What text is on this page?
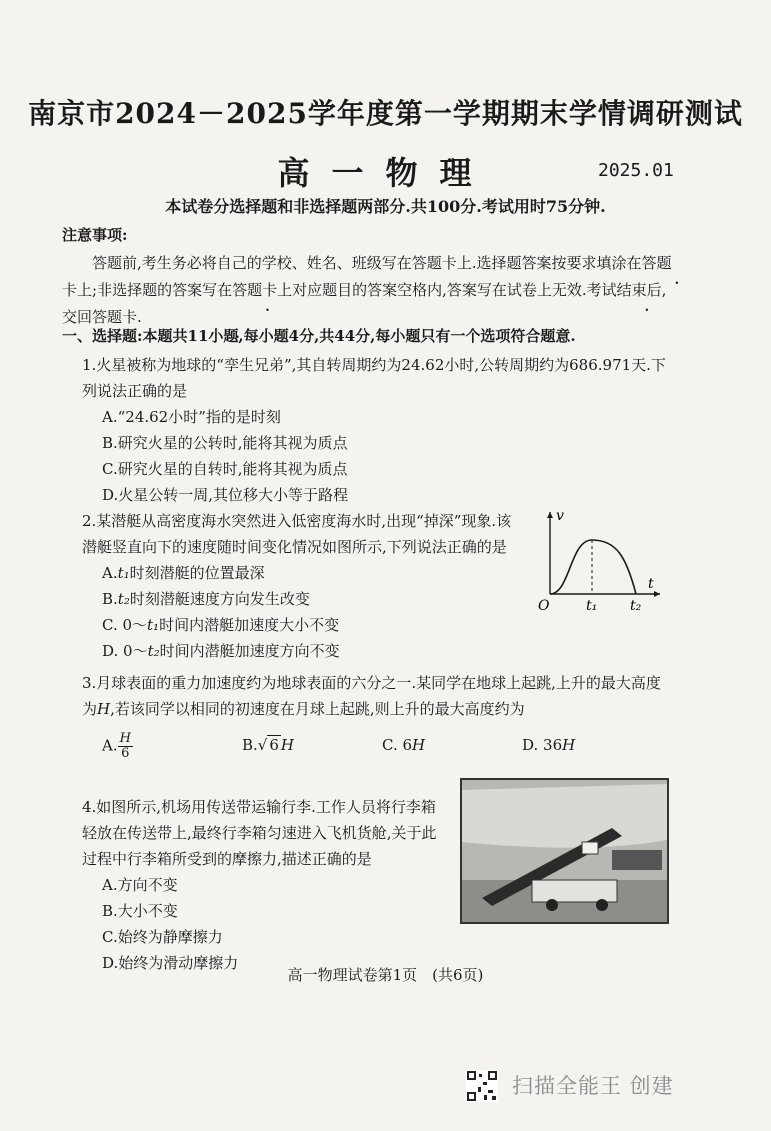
南京市2024－2025学年度第一学期期末学情调研测试
高一物理	2025.01
本试卷分选择题和非选择题两部分.共100分.考试用时75分钟.
注意事项:
答题前,考生务必将自己的学校、姓名、班级写在答题卡上.选择题答案按要求填涂在答题卡 • •上;非选择题的答案写在答题卡 • •上对应题目的答案空格内,答案写在试卷上无效.考试结束后,交回答题卡.
一、选择题:本题共11小题,每小题4分,共44分,每小题只有一个选项符合题意.
1.火星被称为地球的“孪生兄弟”,其自转周期约为24.62小时,公转周期约为686.971天.下列说法正确的是
A.“24.62小时”指的是时刻
B.研究火星的公转时,能将其视为质点
C.研究火星的自转时,能将其视为质点
D.火星公转一周,其位移大小等于路程
2.某潜艇从高密度海水突然进入低密度海水时,出现“掉深”现象.该潜艇竖直向下的速度随时间变化情况如图所示,下列说法正确的是
A.t₁时刻潜艇的位置最深
B.t₂时刻潜艇速度方向发生改变
C. 0～t₁时间内潜艇加速度大小不变
D. 0～t₂时间内潜艇加速度方向不变
v
t
O	t₁ t₂
3.月球表面的重力加速度约为地球表面的六分之一.某同学在地球上起跳,上升的最大高度为H,若该同学以相同的初速度在月球上起跳,则上升的最大高度约为
A. $\frac{H}{6}$	B.√ 6 H	C. 6H	D. 36H
4.如图所示,机场用传送带运输行李.工作人员将行李箱轻放在传送带上,最终行李箱匀速进入飞机货舱,关于此过程中行李箱所受到的摩擦力,描述正确的是
A.方向不变
B.大小不变
C.始终为静摩擦力
D.始终为滑动摩擦力
高一物理试卷第1页　(共6页)
扫描全能王 创建
